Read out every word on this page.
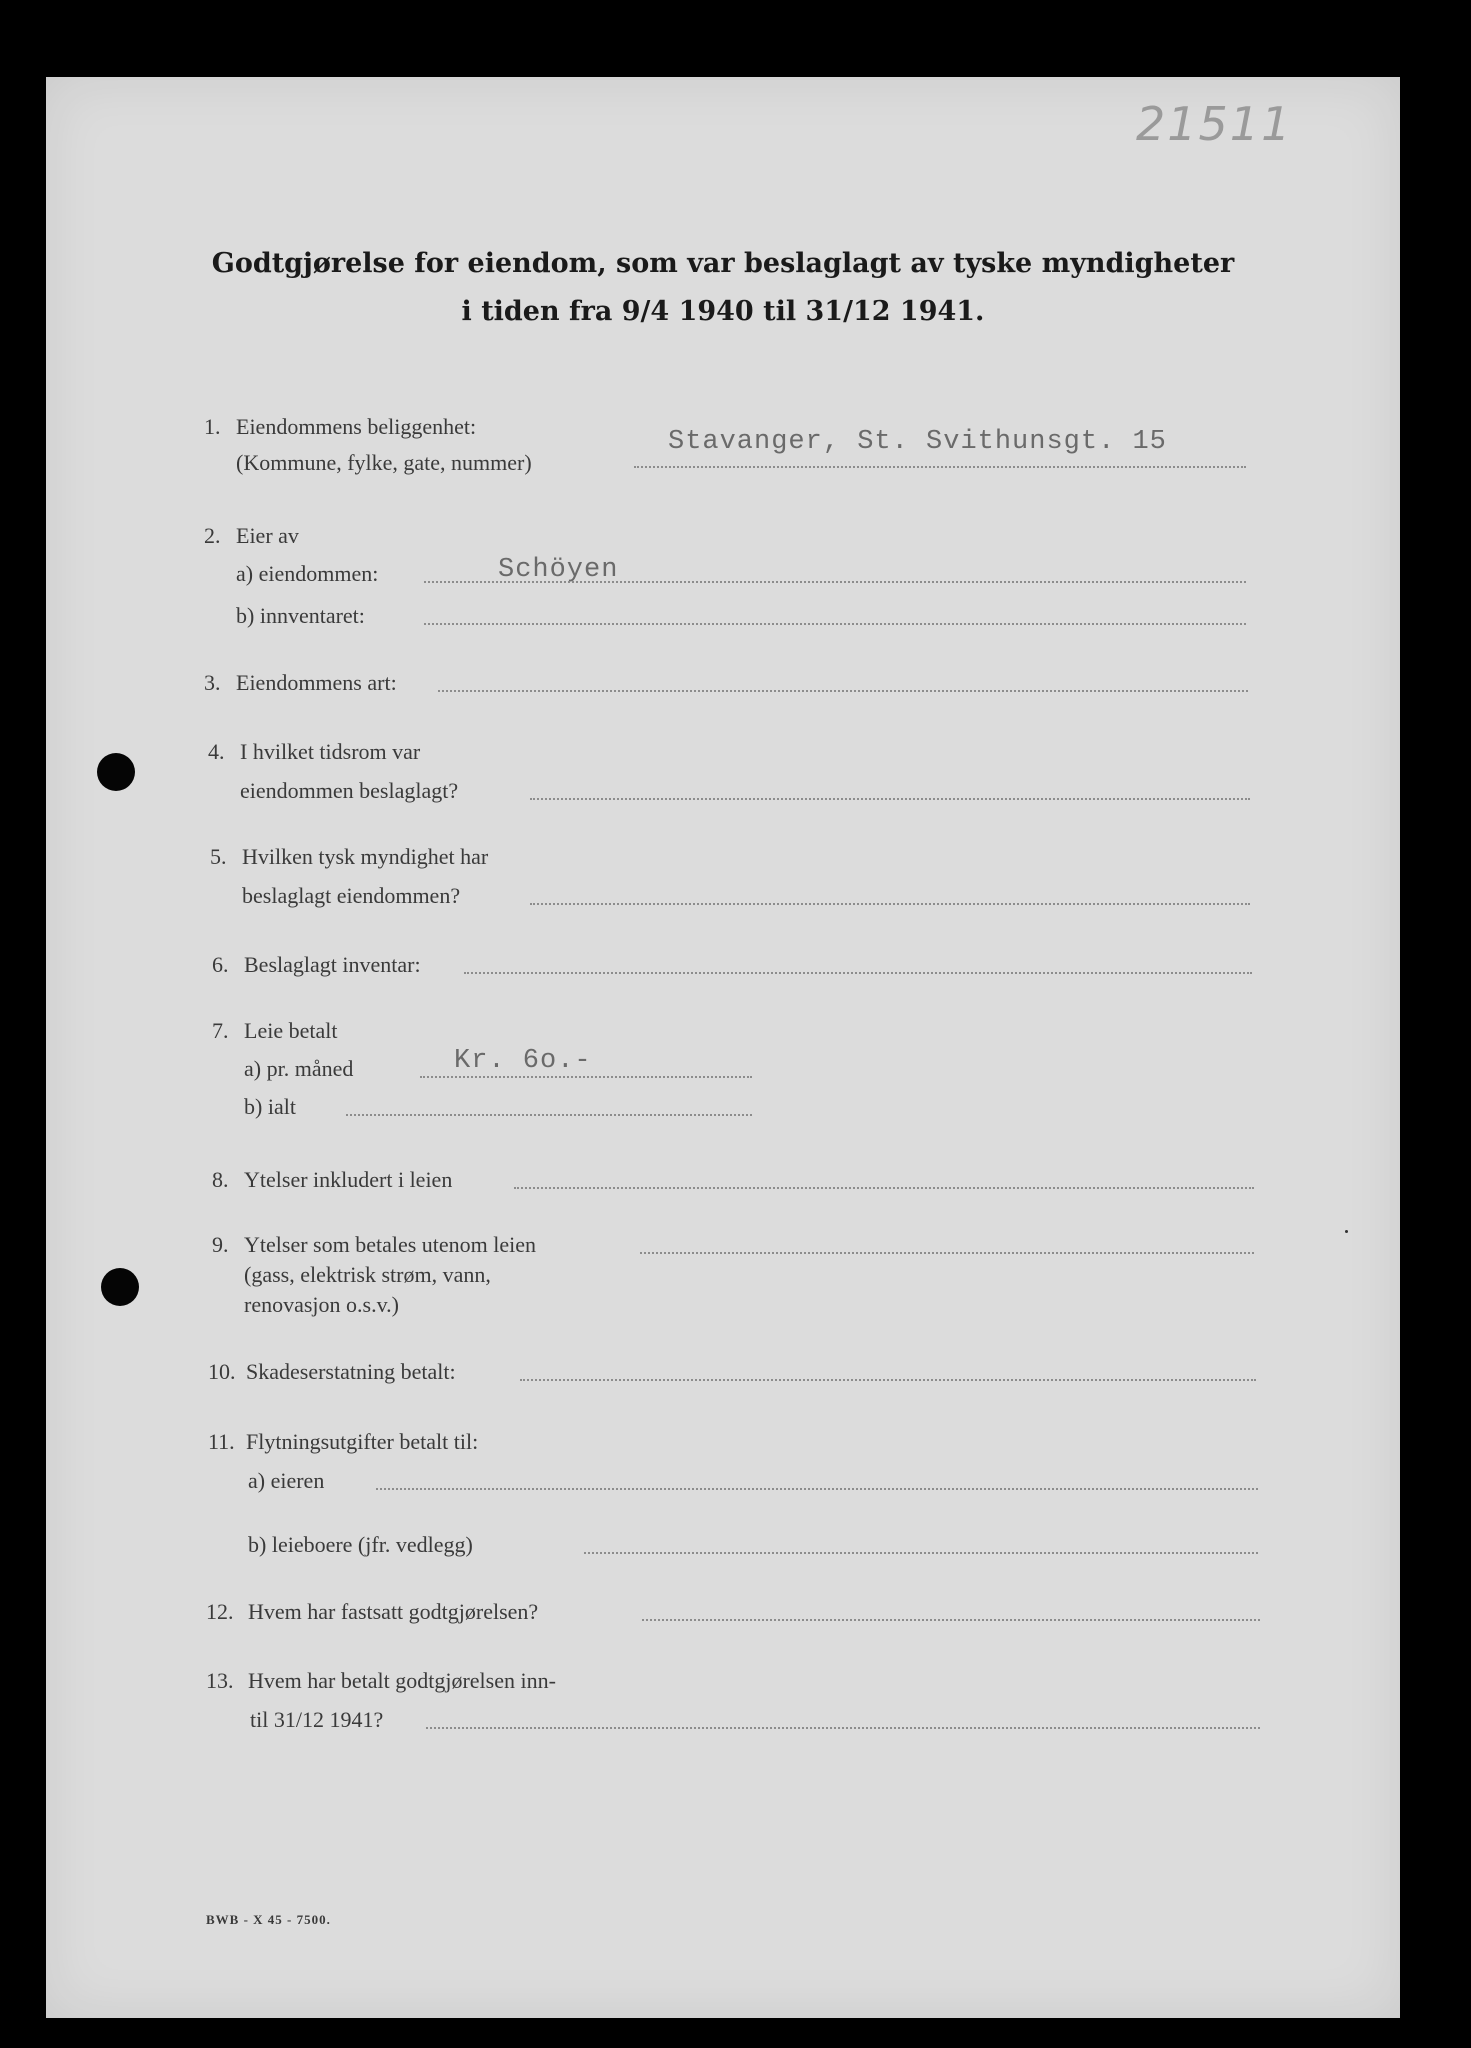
21511
Godtgjørelse for eiendom, som var beslaglagt av tyske myndigheter
i tiden fra 9/4 1940 til 31/12 1941.
1. Eiendommens beliggenhet:
(Kommune, fylke, gate, nummer)
Stavanger, St. Svithunsgt. 15
2. Eier av
a) eiendommen:	Schöyen
b) innventaret:
3. Eiendommens art:
4. I hvilket tidsrom var
eiendommen beslaglagt?
5. Hvilken tysk myndighet har
beslaglagt eiendommen?
6. Beslaglagt inventar:
7. Leie betalt
a) pr. måned	Kr. 6o.-
b) ialt
8. Ytelser inkludert i leien
9. Ytelser som betales utenom leien
(gass, elektrisk strøm, vann,
renovasjon o.s.v.)
10. Skadeserstatning betalt:
11. Flytningsutgifter betalt til:
a) eieren
b) leieboere (jfr. vedlegg)
12. Hvem har fastsatt godtgjørelsen?
13. Hvem har betalt godtgjørelsen inn-
til 31/12 1941?
BWB - X 45 - 7500.
